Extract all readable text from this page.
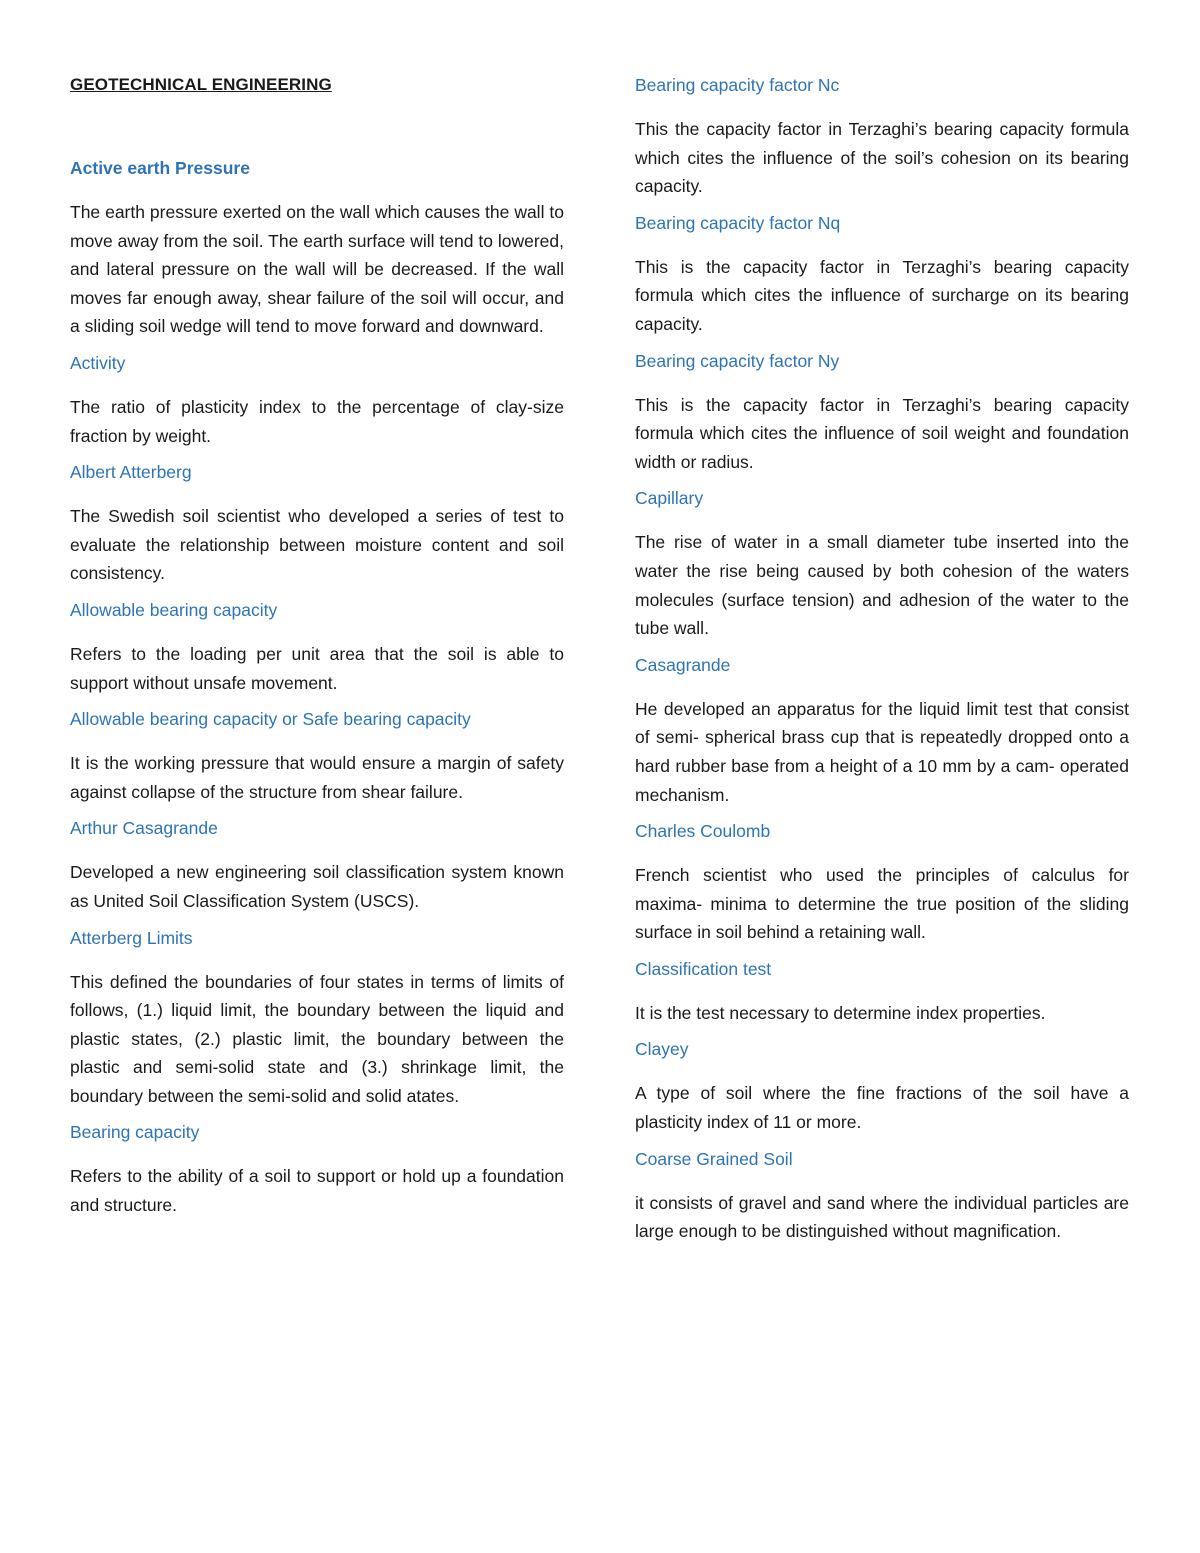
GEOTECHNICAL ENGINEERING
Active earth Pressure
The earth pressure exerted on the wall which causes the wall to move away from the soil. The earth surface will tend to lowered, and lateral pressure on the wall will be decreased. If the wall moves far enough away, shear failure of the soil will occur, and a sliding soil wedge will tend to move forward and downward.
Activity
The ratio of plasticity index to the percentage of clay-size fraction by weight.
Albert Atterberg
The Swedish soil scientist who developed a series of test to evaluate the relationship between moisture content and soil consistency.
Allowable bearing capacity
Refers to the loading per unit area that the soil is able to support without unsafe movement.
Allowable bearing capacity or Safe bearing capacity
It is the working pressure that would ensure a margin of safety against collapse of the structure from shear failure.
Arthur Casagrande
Developed a new engineering soil classification system known as United Soil Classification System (USCS).
Atterberg Limits
This defined the boundaries of four states in terms of limits of follows, (1.) liquid limit, the boundary between the liquid and plastic states, (2.) plastic limit, the boundary between the plastic and semi-solid state and (3.) shrinkage limit, the boundary between the semi-solid and solid atates.
Bearing capacity
Refers to the ability of a soil to support or hold up a foundation and structure.
Bearing capacity factor Nc
This the capacity factor in Terzaghi’s bearing capacity formula which cites the influence of the soil’s cohesion on its bearing capacity.
Bearing capacity factor Nq
This is the capacity factor in Terzaghi’s bearing capacity formula which cites the influence of surcharge on its bearing capacity.
Bearing capacity factor Ny
This is the capacity factor in Terzaghi’s bearing capacity formula which cites the influence of soil weight and foundation width or radius.
Capillary
The rise of water in a small diameter tube inserted into the water the rise being caused by both cohesion of the waters molecules (surface tension) and adhesion of the water to the tube wall.
Casagrande
He developed an apparatus for the liquid limit test that consist of semi- spherical brass cup that is repeatedly dropped onto a hard rubber base from a height of a 10 mm by a cam- operated mechanism.
Charles Coulomb
French scientist who used the principles of calculus for maxima- minima to determine the true position of the sliding surface in soil behind a retaining wall.
Classification test
It is the test necessary to determine index properties.
Clayey
A type of soil where the fine fractions of the soil have a plasticity index of 11 or more.
Coarse Grained Soil
it consists of gravel and sand where the individual particles are large enough to be distinguished without magnification.
